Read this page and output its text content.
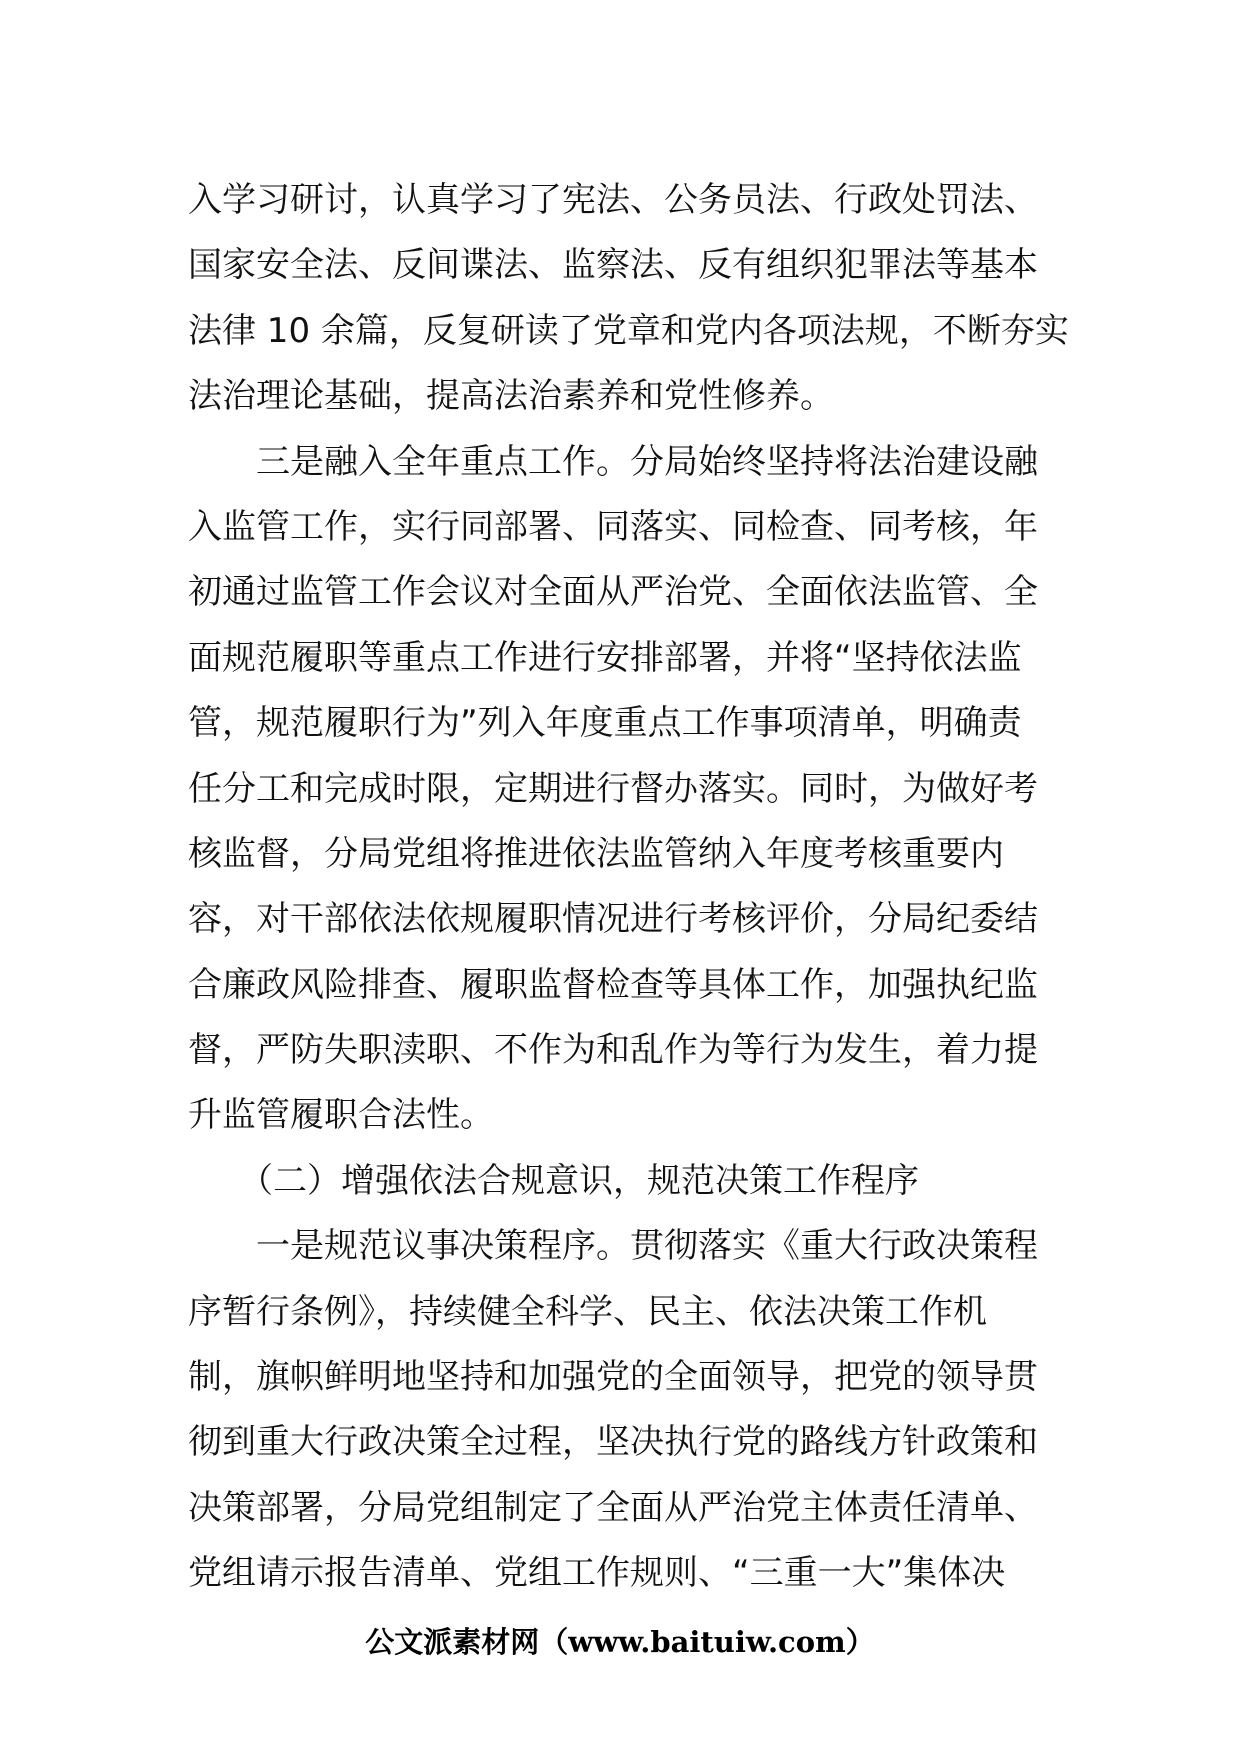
入学习研讨，认真学习了宪法、公务员法、行政处罚法、
国家安全法、反间谍法、监察法、反有组织犯罪法等基本
法律 10 余篇，反复研读了党章和党内各项法规，不断夯实
法治理论基础，提高法治素养和党性修养。
　　三是融入全年重点工作。分局始终坚持将法治建设融
入监管工作，实行同部署、同落实、同检查、同考核，年
初通过监管工作会议对全面从严治党、全面依法监管、全
面规范履职等重点工作进行安排部署，并将“坚持依法监
管，规范履职行为”列入年度重点工作事项清单，明确责
任分工和完成时限，定期进行督办落实。同时，为做好考
核监督，分局党组将推进依法监管纳入年度考核重要内
容，对干部依法依规履职情况进行考核评价，分局纪委结
合廉政风险排查、履职监督检查等具体工作，加强执纪监
督，严防失职渎职、不作为和乱作为等行为发生，着力提
升监管履职合法性。
　　（二）增强依法合规意识，规范决策工作程序
　　一是规范议事决策程序。贯彻落实《重大行政决策程
序暂行条例》，持续健全科学、民主、依法决策工作机
制，旗帜鲜明地坚持和加强党的全面领导，把党的领导贯
彻到重大行政决策全过程，坚决执行党的路线方针政策和
决策部署，分局党组制定了全面从严治党主体责任清单、
党组请示报告清单、党组工作规则、“三重一大”集体决
公文派素材网（www.baituiw.com）
